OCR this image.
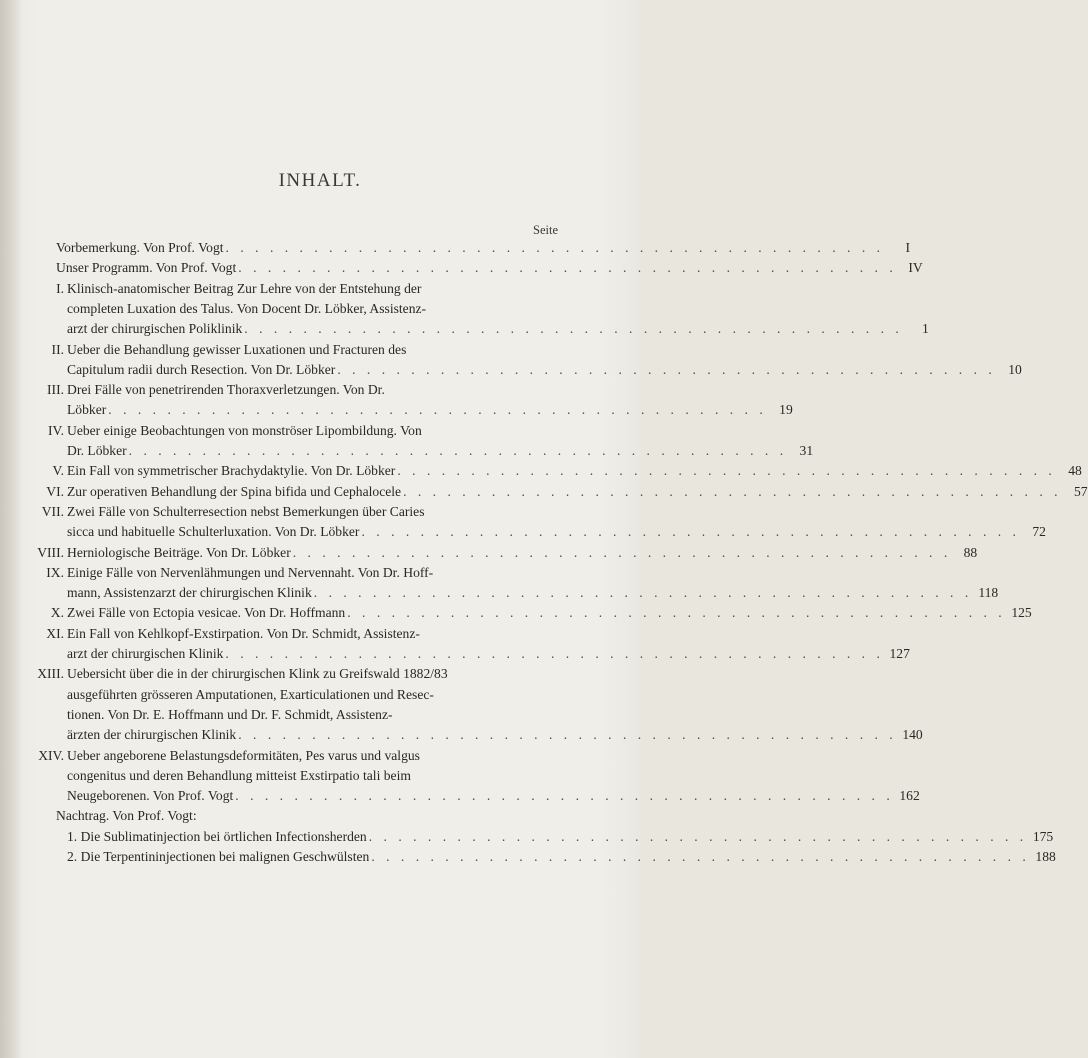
INHALT.
Seite
Vorbemerkung. Von Prof. Vogt . . . . . . . . . . . . . . . . . . . . . . . . . . . . . . . . . . . . . . . . . . . . .	I
Unser Programm. Von Prof. Vogt . . . . . . . . . . . . . . . . . . . . . . . . . . . . . . . . . . . . . . . . . . . . . IV
I. Klinisch-anatomischer Beitrag Zur Lehre von der Entstehung der
completen Luxation des Talus. Von Docent Dr. Löbker, Assistenz-
arzt der chirurgischen Poliklinik . . . . . . . . . . . . . . . . . . . . . . . . . . . . . . . . . . . . . . . . . . . . .	1
II. Ueber die Behandlung gewisser Luxationen und Fracturen des
Capitulum radii durch Resection. Von Dr. Löbker . . . . . . . . . . . . . . . . . . . . . . . . . . . . . . . . . . . . . . . . . . . . . 10
III. Drei Fälle von penetrirenden Thoraxverletzungen. Von Dr.
Löbker . . . . . . . . . . . . . . . . . . . . . . . . . . . . . . . . . . . . . . . . . . . . . 19
IV. Ueber einige Beobachtungen von monströser Lipombildung. Von
Dr. Löbker . . . . . . . . . . . . . . . . . . . . . . . . . . . . . . . . . . . . . . . . . . . . . 31
V. Ein Fall von symmetrischer Brachydaktylie. Von Dr. Löbker . . . . . . . . . . . . . . . . . . . . . . . . . . . . . . . . . . . . . . . . . . . . . 48
VI. Zur operativen Behandlung der Spina bifida und Cephalocele . . . . . . . . . . . . . . . . . . . . . . . . . . . . . . . . . . . . . . . . . . . . . 57
VII. Zwei Fälle von Schulterresection nebst Bemerkungen über Caries
sicca und habituelle Schulterluxation. Von Dr. Löbker . . . . . . . . . . . . . . . . . . . . . . . . . . . . . . . . . . . . . . . . . . . . . 72
VIII. Herniologische Beiträge. Von Dr. Löbker . . . . . . . . . . . . . . . . . . . . . . . . . . . . . . . . . . . . . . . . . . . . . 88
IX. Einige Fälle von Nervenlähmungen und Nervennaht. Von Dr. Hoff-
mann, Assistenzarzt der chirurgischen Klinik . . . . . . . . . . . . . . . . . . . . . . . . . . . . . . . . . . . . . . . . . . . . . 118
X. Zwei Fälle von Ectopia vesicae. Von Dr. Hoffmann . . . . . . . . . . . . . . . . . . . . . . . . . . . . . . . . . . . . . . . . . . . . . 125
XI. Ein Fall von Kehlkopf-Exstirpation. Von Dr. Schmidt, Assistenz-
arzt der chirurgischen Klinik . . . . . . . . . . . . . . . . . . . . . . . . . . . . . . . . . . . . . . . . . . . . . 127
XIII. Uebersicht über die in der chirurgischen Klink zu Greifswald 1882/83
ausgeführten grösseren Amputationen, Exarticulationen und Resec-
tionen. Von Dr. E. Hoffmann und Dr. F. Schmidt, Assistenz-
ärzten der chirurgischen Klinik . . . . . . . . . . . . . . . . . . . . . . . . . . . . . . . . . . . . . . . . . . . . . 140
XIV. Ueber angeborene Belastungsdeformitäten, Pes varus und valgus
congenitus und deren Behandlung mitteist Exstirpatio tali beim
Neugeborenen. Von Prof. Vogt . . . . . . . . . . . . . . . . . . . . . . . . . . . . . . . . . . . . . . . . . . . . . 162
Nachtrag. Von Prof. Vogt:
1. Die Sublimatinjection bei örtlichen Infectionsherden . . . . . . . . . . . . . . . . . . . . . . . . . . . . . . . . . . . . . . . . . . . . . 175
2. Die Terpentininjectionen bei malignen Geschwülsten . . . . . . . . . . . . . . . . . . . . . . . . . . . . . . . . . . . . . . . . . . . . . 188
